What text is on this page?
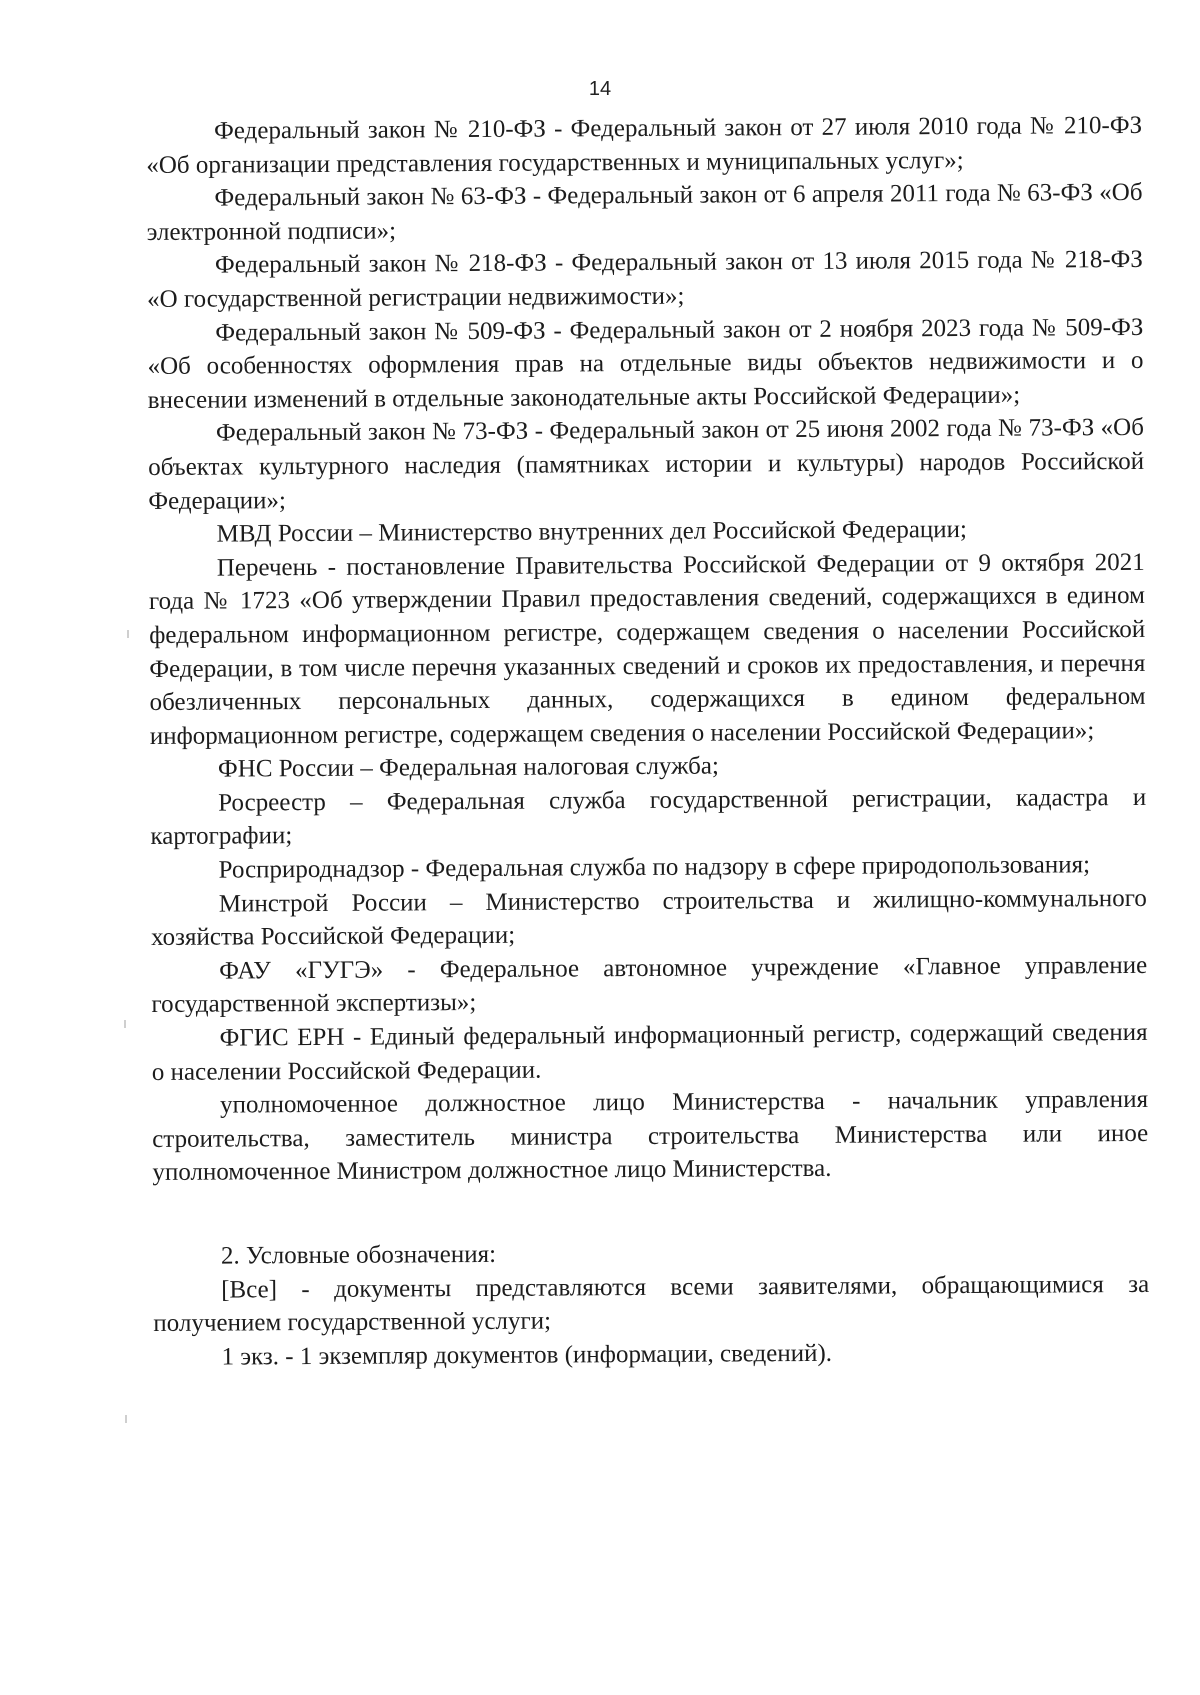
14

Федеральный закон № 210-ФЗ - Федеральный закон от 27 июля 2010 года № 210-ФЗ «Об организации представления государственных и муниципальных услуг»;

Федеральный закон № 63-ФЗ - Федеральный закон от 6 апреля 2011 года № 63-ФЗ «Об электронной подписи»;

Федеральный закон № 218-ФЗ - Федеральный закон от 13 июля 2015 года № 218-ФЗ «О государственной регистрации недвижимости»;

Федеральный закон № 509-ФЗ - Федеральный закон от 2 ноября 2023 года № 509-ФЗ «Об особенностях оформления прав на отдельные виды объектов недвижимости и о внесении изменений в отдельные законодательные акты Российской Федерации»;

Федеральный закон № 73-ФЗ - Федеральный закон от 25 июня 2002 года № 73-ФЗ «Об объектах культурного наследия (памятниках истории и культуры) народов Российской Федерации»;

МВД России – Министерство внутренних дел Российской Федерации;

Перечень - постановление Правительства Российской Федерации от 9 октября 2021 года № 1723 «Об утверждении Правил предоставления сведений, содержащихся в едином федеральном информационном регистре, содержащем сведения о населении Российской Федерации, в том числе перечня указанных сведений и сроков их предоставления, и перечня обезличенных персональных данных, содержащихся в едином федеральном информационном регистре, содержащем сведения о населении Российской Федерации»;

ФНС России – Федеральная налоговая служба;

Росреестр – Федеральная служба государственной регистрации, кадастра и картографии;

Росприроднадзор - Федеральная служба по надзору в сфере природопользования;

Минстрой России – Министерство строительства и жилищно-коммунального хозяйства Российской Федерации;

ФАУ «ГУГЭ» - Федеральное автономное учреждение «Главное управление государственной экспертизы»;

ФГИС ЕРН - Единый федеральный информационный регистр, содержащий сведения о населении Российской Федерации.

уполномоченное должностное лицо Министерства - начальник управления строительства, заместитель министра строительства Министерства или иное уполномоченное Министром должностное лицо Министерства.

2. Условные обозначения:

[Все] - документы представляются всеми заявителями, обращающимися за получением государственной услуги;

1 экз. - 1 экземпляр документов (информации, сведений).
